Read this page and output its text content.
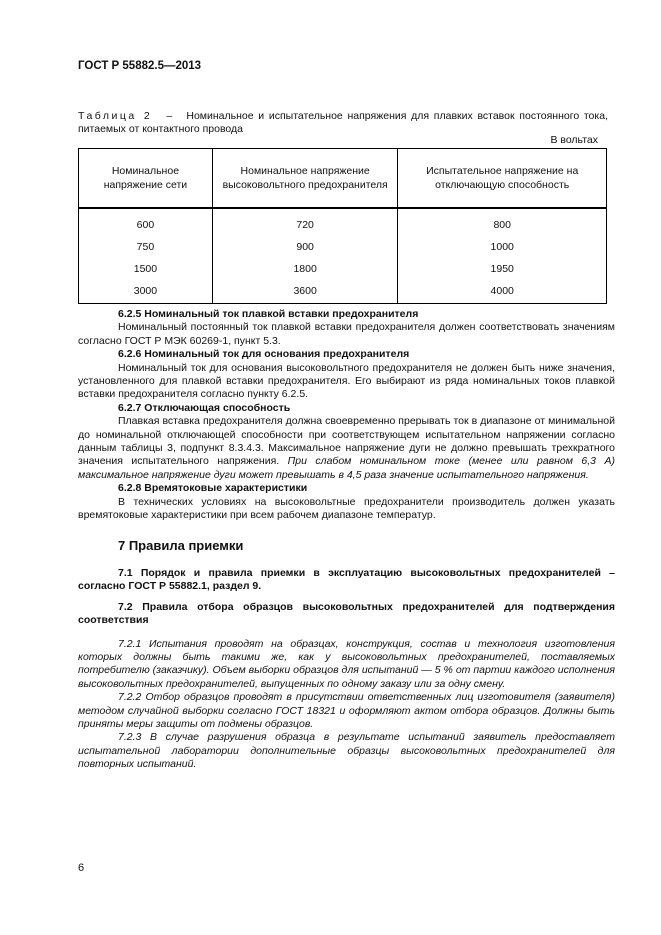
ГОСТ Р 55882.5—2013
Таблица 2 – Номинальное и испытательное напряжения для плавких вставок постоянного тока, питаемых от контактного провода
В вольтах
Номинальное напряжение сети	Номинальное напряжение высоковольтного предохранителя	Испытательное напряжение на отключающую способность
600	720	800
750	900	1000
1500	1800	1950
3000	3600	4000

6.2.5 Номинальный ток плавкой вставки предохранителя

Номинальный постоянный ток плавкой вставки предохранителя должен соответствовать значениям согласно ГОСТ Р МЭК 60269-1, пункт 5.3.

6.2.6 Номинальный ток для основания предохранителя

Номинальный ток для основания высоковольтного предохранителя не должен быть ниже значения, установленного для плавкой вставки предохранителя. Его выбирают из ряда номинальных токов плавкой вставки предохранителя согласно пункту 6.2.5.

6.2.7 Отключающая способность

Плавкая вставка предохранителя должна своевременно прерывать ток в диапазоне от минимальной до номинальной отключающей способности при соответствующем испытательном напряжении согласно данным таблицы 3, подпункт 8.3.4.3. Максимальное напряжение дуги не должно превышать трехкратного значения испытательного напряжения. При слабом номинальном токе (менее или равном 6,3 А) максимальное напряжение дуги может превышать в 4,5 раза значение испытательного напряжения.

6.2.8 Времятоковые характеристики

В технических условиях на высоковольтные предохранители производитель должен указать времятоковые характеристики при всем рабочем диапазоне температур.

7 Правила приемки

7.1 Порядок и правила приемки в эксплуатацию высоковольтных предохранителей – согласно ГОСТ Р 55882.1, раздел 9.

7.2 Правила отбора образцов высоковольтных предохранителей для подтверждения соответствия

7.2.1 Испытания проводят на образцах, конструкция, состав и технология изготовления которых должны быть такими же, как у высоковольтных предохранителей, поставляемых потребителю (заказчику). Объем выборки образцов для испытаний — 5 % от партии каждого исполнения высоковольтных предохранителей, выпущенных по одному заказу или за одну смену.

7.2.2 Отбор образцов проводят в присутствии ответственных лиц изготовителя (заявителя) методом случайной выборки согласно ГОСТ 18321 и оформляют актом отбора образцов. Должны быть приняты меры защиты от подмены образцов.

7.2.3 В случае разрушения образца в результате испытаний заявитель предоставляет испытательной лаборатории дополнительные образцы высоковольтных предохранителей для повторных испытаний.

6
